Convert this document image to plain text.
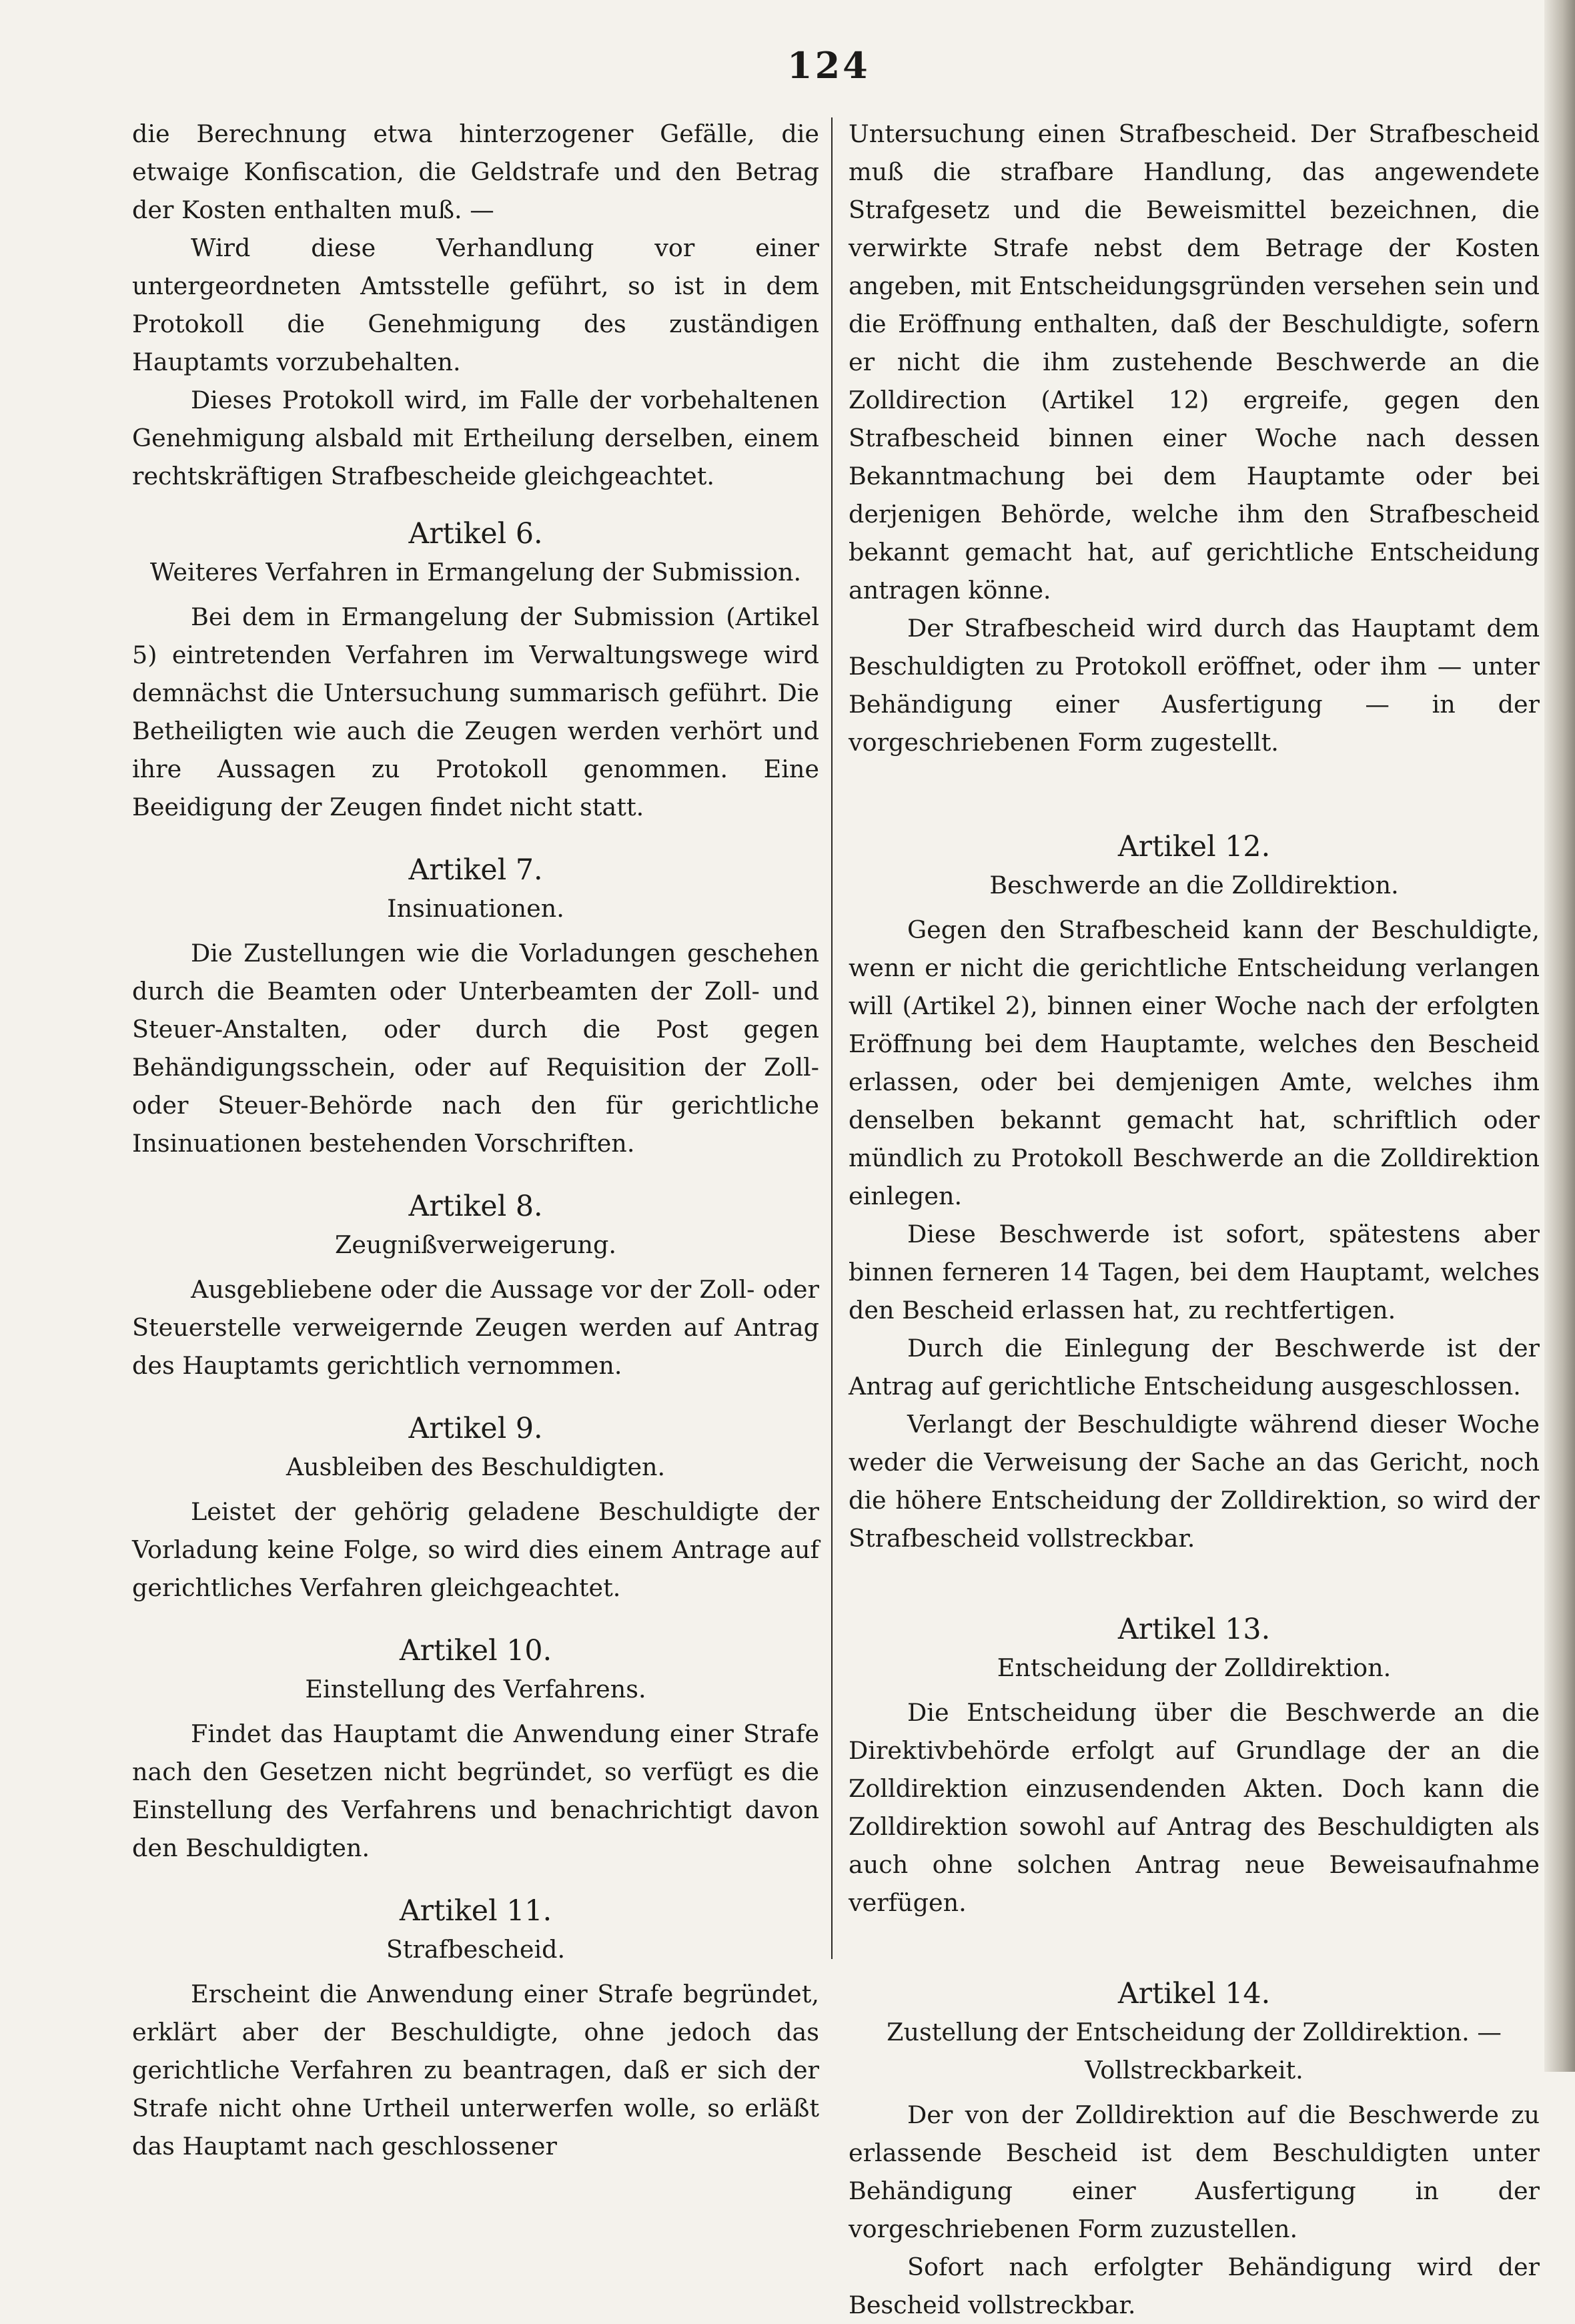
124

die Berechnung etwa hinterzogener Gefälle, die etwaige Konfiscation, die Geldstrafe und den Betrag der Kosten enthalten muß. —

Wird diese Verhandlung vor einer untergeordneten Amtsstelle geführt, so ist in dem Protokoll die Genehmigung des zuständigen Hauptamts vorzubehalten.

Dieses Protokoll wird, im Falle der vorbehaltenen Genehmigung alsbald mit Ertheilung derselben, einem rechtskräftigen Strafbescheide gleichgeachtet.

Artikel 6.
Weiteres Verfahren in Ermangelung der Submission.

Bei dem in Ermangelung der Submission (Artikel 5) eintretenden Verfahren im Verwaltungswege wird demnächst die Untersuchung summarisch geführt. Die Betheiligten wie auch die Zeugen werden verhört und ihre Aussagen zu Protokoll genommen. Eine Beeidigung der Zeugen findet nicht statt.

Artikel 7.
Insinuationen.

Die Zustellungen wie die Vorladungen geschehen durch die Beamten oder Unterbeamten der Zoll- und Steuer-Anstalten, oder durch die Post gegen Behändigungsschein, oder auf Requisition der Zoll- oder Steuer-Behörde nach den für gerichtliche Insinuationen bestehenden Vorschriften.

Artikel 8.
Zeugnißverweigerung.

Ausgebliebene oder die Aussage vor der Zoll- oder Steuerstelle verweigernde Zeugen werden auf Antrag des Hauptamts gerichtlich vernommen.

Artikel 9.
Ausbleiben des Beschuldigten.

Leistet der gehörig geladene Beschuldigte der Vorladung keine Folge, so wird dies einem Antrage auf gerichtliches Verfahren gleichgeachtet.

Artikel 10.
Einstellung des Verfahrens.

Findet das Hauptamt die Anwendung einer Strafe nach den Gesetzen nicht begründet, so verfügt es die Einstellung des Verfahrens und benachrichtigt davon den Beschuldigten.

Artikel 11.
Strafbescheid.

Erscheint die Anwendung einer Strafe begründet, erklärt aber der Beschuldigte, ohne jedoch das gerichtliche Verfahren zu beantragen, daß er sich der Strafe nicht ohne Urtheil unterwerfen wolle, so erläßt das Hauptamt nach geschlossener

Untersuchung einen Strafbescheid. Der Strafbescheid muß die strafbare Handlung, das angewendete Strafgesetz und die Beweismittel bezeichnen, die verwirkte Strafe nebst dem Betrage der Kosten angeben, mit Entscheidungsgründen versehen sein und die Eröffnung enthalten, daß der Beschuldigte, sofern er nicht die ihm zustehende Beschwerde an die Zolldirection (Artikel 12) ergreife, gegen den Strafbescheid binnen einer Woche nach dessen Bekanntmachung bei dem Hauptamte oder bei derjenigen Behörde, welche ihm den Strafbescheid bekannt gemacht hat, auf gerichtliche Entscheidung antragen könne.

Der Strafbescheid wird durch das Hauptamt dem Beschuldigten zu Protokoll eröffnet, oder ihm — unter Behändigung einer Ausfertigung — in der vorgeschriebenen Form zugestellt.

Artikel 12.
Beschwerde an die Zolldirektion.

Gegen den Strafbescheid kann der Beschuldigte, wenn er nicht die gerichtliche Entscheidung verlangen will (Artikel 2), binnen einer Woche nach der erfolgten Eröffnung bei dem Hauptamte, welches den Bescheid erlassen, oder bei demjenigen Amte, welches ihm denselben bekannt gemacht hat, schriftlich oder mündlich zu Protokoll Beschwerde an die Zolldirektion einlegen.

Diese Beschwerde ist sofort, spätestens aber binnen ferneren 14 Tagen, bei dem Hauptamt, welches den Bescheid erlassen hat, zu rechtfertigen.

Durch die Einlegung der Beschwerde ist der Antrag auf gerichtliche Entscheidung ausgeschlossen.

Verlangt der Beschuldigte während dieser Woche weder die Verweisung der Sache an das Gericht, noch die höhere Entscheidung der Zolldirektion, so wird der Strafbescheid vollstreckbar.

Artikel 13.
Entscheidung der Zolldirektion.

Die Entscheidung über die Beschwerde an die Direktivbehörde erfolgt auf Grundlage der an die Zolldirektion einzusendenden Akten. Doch kann die Zolldirektion sowohl auf Antrag des Beschuldigten als auch ohne solchen Antrag neue Beweisaufnahme verfügen.

Artikel 14.
Zustellung der Entscheidung der Zolldirektion. —
Vollstreckbarkeit.

Der von der Zolldirektion auf die Beschwerde zu erlassende Bescheid ist dem Beschuldigten unter Behändigung einer Ausfertigung in der vorgeschriebenen Form zuzustellen.

Sofort nach erfolgter Behändigung wird der Bescheid vollstreckbar.
